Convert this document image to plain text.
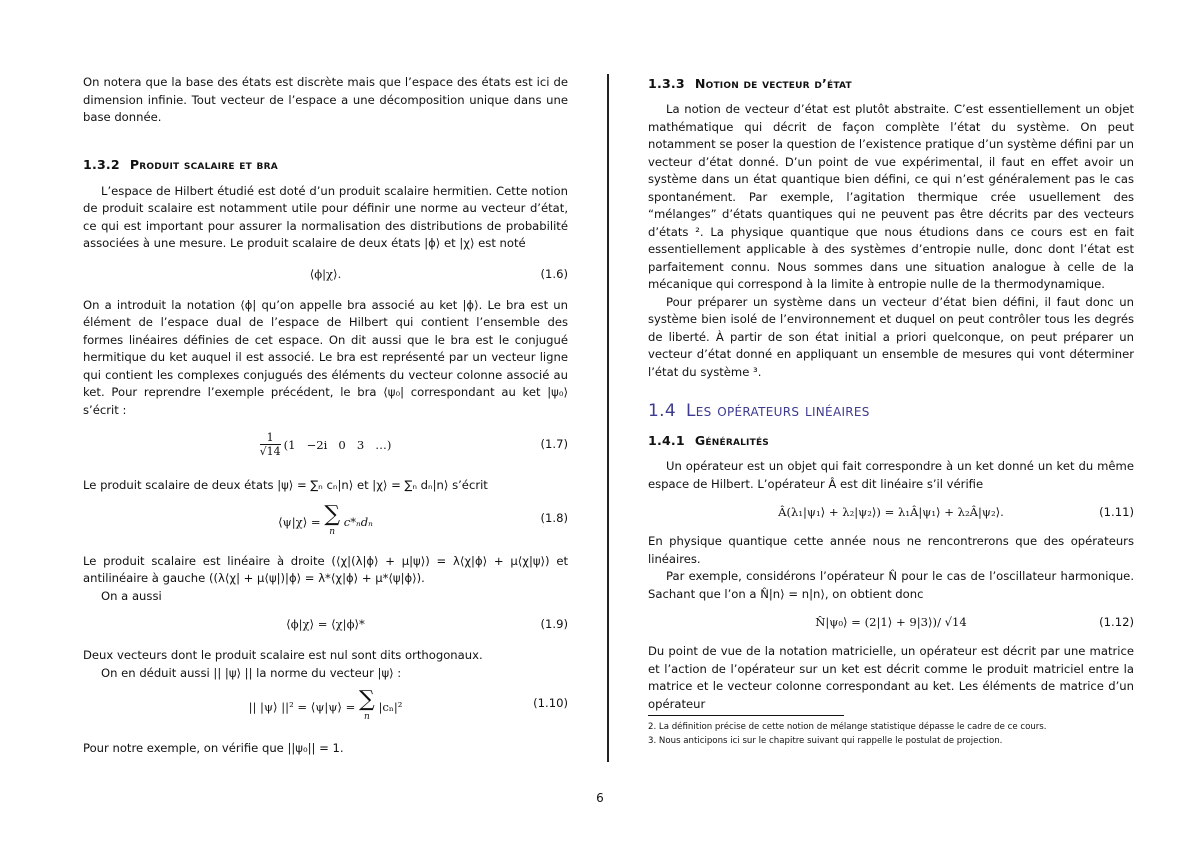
On notera que la base des états est discrète mais que l’espace des états est ici de dimension infinie. Tout vecteur de l’espace a une décomposition unique dans une base donnée.

1.3.2 Produit scalaire et bra

L’espace de Hilbert étudié est doté d’un produit scalaire hermitien. Cette notion de produit scalaire est notamment utile pour définir une norme au vecteur d’état, ce qui est important pour assurer la normalisation des distributions de probabilité associées à une mesure. Le produit scalaire de deux états |ϕ⟩ et |χ⟩ est noté

⟨ϕ|χ⟩.	(1.6)

On a introduit la notation ⟨ϕ| qu’on appelle bra associé au ket |ϕ⟩. Le bra est un élément de l’espace dual de l’espace de Hilbert qui contient l’ensemble des formes linéaires définies de cet espace. On dit aussi que le bra est le conjugué hermitique du ket auquel il est associé. Le bra est représenté par un vecteur ligne qui contient les complexes conjugués des éléments du vecteur colonne associé au ket. Pour reprendre l’exemple précédent, le bra ⟨ψ₀| correspondant au ket |ψ₀⟩ s’écrit :

$\frac{1}{√14} (1 -2i$   0   3   …)	(1.7)

Le produit scalaire de deux états |ψ⟩ = ∑ₙ cₙ|n⟩ et |χ⟩ = ∑ₙ dₙ|n⟩ s’écrit

⟨ψ|χ⟩ = ∑
n
c*ₙdₙ	(1.8)

Le produit scalaire est linéaire à droite (⟨χ|(λ|ϕ⟩ + μ|ψ⟩) = λ⟨χ|ϕ⟩ + μ⟨χ|ψ⟩) et antilinéaire à gauche ((λ⟨χ| + μ⟨ψ|)|ϕ⟩ = λ*⟨χ|ϕ⟩ + μ*⟨ψ|ϕ⟩).

On a aussi

⟨ϕ|χ⟩ = ⟨χ|ϕ⟩*	(1.9)

Deux vecteurs dont le produit scalaire est nul sont dits orthogonaux.

On en déduit aussi || |ψ⟩ || la norme du vecteur |ψ⟩ :

|| |ψ⟩ ||² = ⟨ψ|ψ⟩ = ∑
n
|cₙ|²	(1.10)

Pour notre exemple, on vérifie que ||ψ₀|| = 1.

1.3.3 Notion de vecteur d’état

La notion de vecteur d’état est plutôt abstraite. C’est essentiellement un objet mathématique qui décrit de façon complète l’état du système. On peut notamment se poser la question de l’existence pratique d’un système défini par un vecteur d’état donné. D’un point de vue expérimental, il faut en effet avoir un système dans un état quantique bien défini, ce qui n’est généralement pas le cas spontanément. Par exemple, l’agitation thermique crée usuellement des “mélanges” d’états quantiques qui ne peuvent pas être décrits par des vecteurs d’états ². La physique quantique que nous étudions dans ce cours est en fait essentiellement applicable à des systèmes d’entropie nulle, donc dont l’état est parfaitement connu. Nous sommes dans une situation analogue à celle de la mécanique qui correspond à la limite à entropie nulle de la thermodynamique.

Pour préparer un système dans un vecteur d’état bien défini, il faut donc un système bien isolé de l’environnement et duquel on peut contrôler tous les degrés de liberté. À partir de son état initial a priori quelconque, on peut préparer un vecteur d’état donné en appliquant un ensemble de mesures qui vont déterminer l’état du système ³.

1.4 Les opérateurs linéaires
1.4.1 Généralités

Un opérateur est un objet qui fait correspondre à un ket donné un ket du même espace de Hilbert. L’opérateur Â est dit linéaire s’il vérifie

Â(λ₁|ψ₁⟩ + λ₂|ψ₂⟩) = λ₁Â|ψ₁⟩ + λ₂Â|ψ₂⟩.	(1.11)

En physique quantique cette année nous ne rencontrerons que des opérateurs linéaires.

Par exemple, considérons l’opérateur N̂ pour le cas de l’oscillateur harmonique. Sachant que l’on a N̂|n⟩ = n|n⟩, on obtient donc

N̂|ψ₀⟩ = (2|1⟩ + 9|3⟩)/ √14	(1.12)

Du point de vue de la notation matricielle, un opérateur est décrit par une matrice et l’action de l’opérateur sur un ket est décrit comme le produit matriciel entre la matrice et le vecteur colonne correspondant au ket. Les éléments de matrice d’un opérateur

2. La définition précise de cette notion de mélange statistique dépasse le cadre de ce cours.
3. Nous anticipons ici sur le chapitre suivant qui rappelle le postulat de projection.
6
